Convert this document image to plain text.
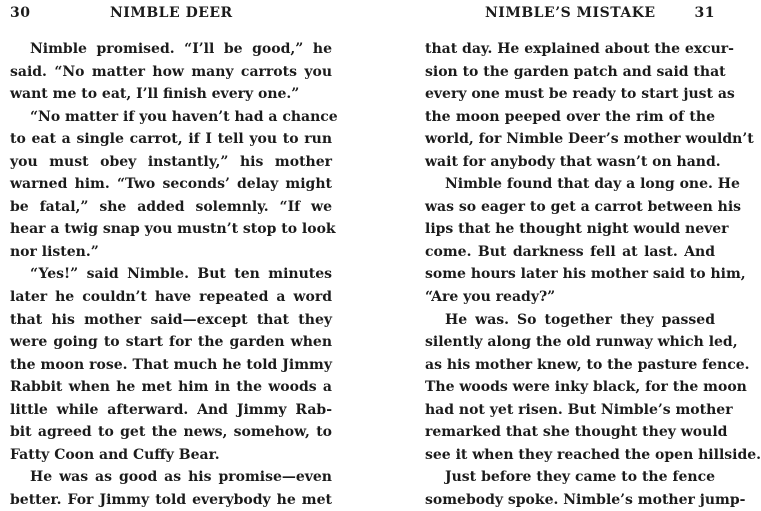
30	NIMBLE DEER
Nimble promised. “I’ll be good,” he
said. “No matter how many carrots you
want me to eat, I’ll finish every one.”
“No matter if you haven’t had a chance
to eat a single carrot, if I tell you to run
you must obey instantly,” his mother
warned him. “Two seconds’ delay might
be fatal,” she added solemnly. “If we
hear a twig snap you mustn’t stop to look
nor listen.”
“Yes!” said Nimble. But ten minutes
later he couldn’t have repeated a word
that his mother said—except that they
were going to start for the garden when
the moon rose. That much he told Jimmy
Rabbit when he met him in the woods a
little while afterward. And Jimmy Rab-
bit agreed to get the news, somehow, to
Fatty Coon and Cuffy Bear.
He was as good as his promise—even
better. For Jimmy told everybody he met
NIMBLE’S MISTAKE	31
that day. He explained about the excur-
sion to the garden patch and said that
every one must be ready to start just as
the moon peeped over the rim of the
world, for Nimble Deer’s mother wouldn’t
wait for anybody that wasn’t on hand.
Nimble found that day a long one. He
was so eager to get a carrot between his
lips that he thought night would never
come. But darkness fell at last. And
some hours later his mother said to him,
“Are you ready?”
He was. So together they passed
silently along the old runway which led,
as his mother knew, to the pasture fence.
The woods were inky black, for the moon
had not yet risen. But Nimble’s mother
remarked that she thought they would
see it when they reached the open hillside.
Just before they came to the fence
somebody spoke. Nimble’s mother jump-
